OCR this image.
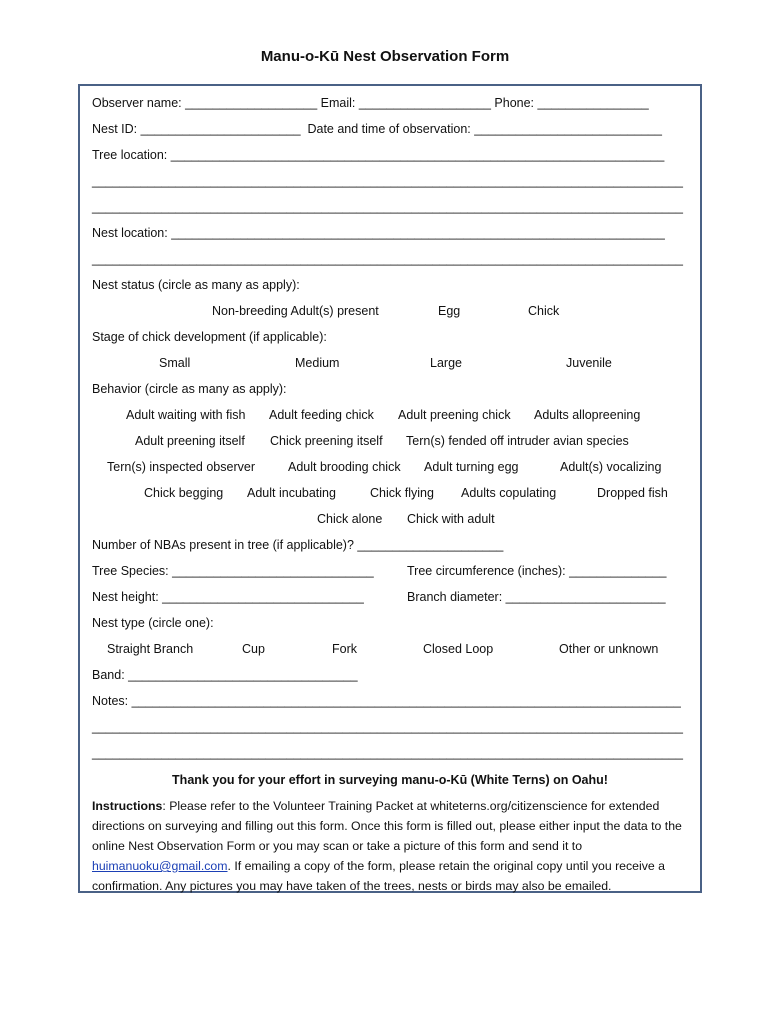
Manu-o-Kū Nest Observation Form
Observer name: ___________________ Email: ___________________ Phone: ________________
Nest ID: _______________________  Date and time of observation: ___________________________
Tree location: _______________________________________________________________________
_____________________________________________________________________________________
_____________________________________________________________________________________
Nest location: _______________________________________________________________________
_____________________________________________________________________________________
Nest status (circle as many as apply):
Non-breeding Adult(s) present	Egg	Chick
Stage of chick development (if applicable):
Small	Medium	Large	Juvenile
Behavior (circle as many as apply):
Adult waiting with fish Adult feeding chick Adult preening chick Adults allopreening
Adult preening itself Chick preening itself Tern(s) fended off intruder avian species
Tern(s) inspected observer	Adult brooding chick Adult turning egg	Adult(s) vocalizing
Chick begging Adult incubating	Chick flying Adults copulating	Dropped fish
Chick alone Chick with adult
Number of NBAs present in tree (if applicable)? _____________________
Tree Species: _____________________________	Tree circumference (inches): ______________
Nest height: _____________________________	Branch diameter: _______________________
Nest type (circle one):
Straight Branch	Cup	Fork	Closed Loop	Other or unknown
Band: _________________________________
Notes: _______________________________________________________________________________
_____________________________________________________________________________________
_____________________________________________________________________________________
Thank you for your effort in surveying manu-o-Kū (White Terns) on Oahu!
Instructions: Please refer to the Volunteer Training Packet at whiteterns.org/citizenscience for extended directions on surveying and filling out this form. Once this form is filled out, please either input the data to the online Nest Observation Form or you may scan or take a picture of this form and send it to huimanuoku@gmail.com. If emailing a copy of the form, please retain the original copy until you receive a confirmation. Any pictures you may have taken of the trees, nests or birds may also be emailed.
